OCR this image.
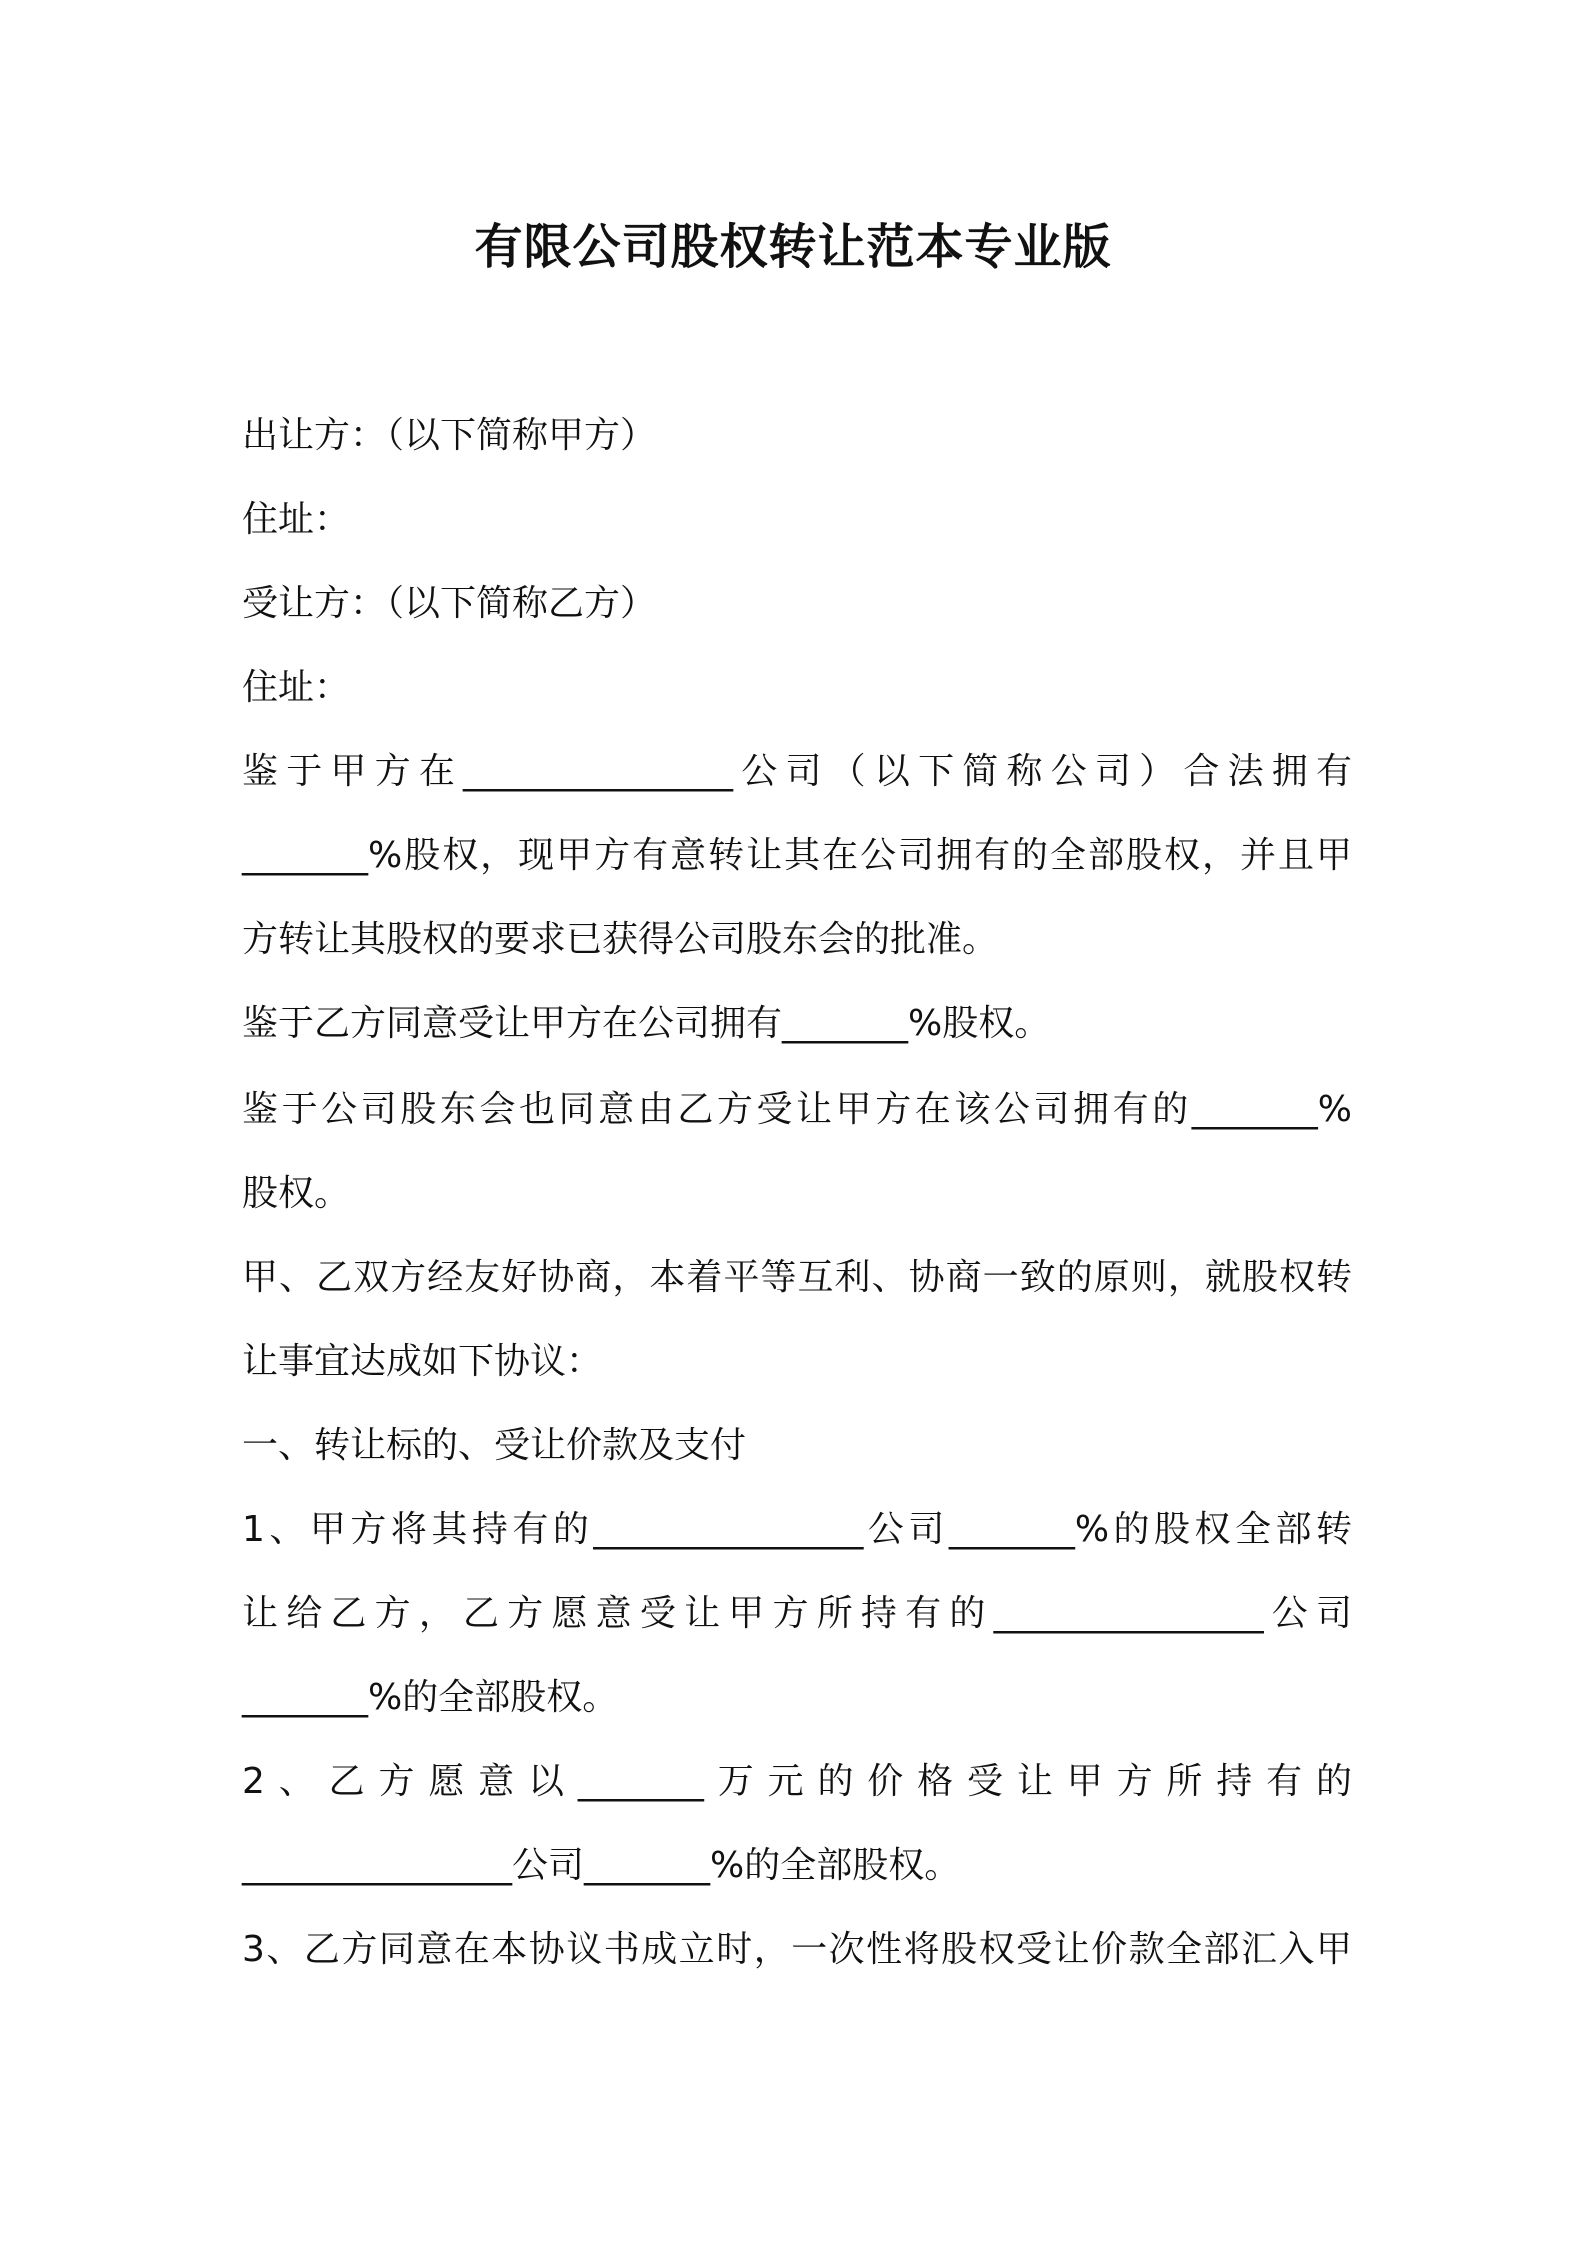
有限公司股权转让范本专业版

出让方：（以下简称甲方）

住址：

受让方：（以下简称乙方）

住址：

鉴于甲方在_______________公司（以下简称公司）合法拥有

_______%股权，现甲方有意转让其在公司拥有的全部股权，并且甲

方转让其股权的要求已获得公司股东会的批准。

鉴于乙方同意受让甲方在公司拥有_______%股权。

鉴于公司股东会也同意由乙方受让甲方在该公司拥有的_______%

股权。

甲、乙双方经友好协商，本着平等互利、协商一致的原则，就股权转

让事宜达成如下协议：

一、转让标的、受让价款及支付

1、甲方将其持有的_______________公司_______%的股权全部转

让给乙方，乙方愿意受让甲方所持有的_______________公司

_______%的全部股权。

2、乙方愿意以_______万元的价格受让甲方所持有的

_______________公司_______%的全部股权。

3、乙方同意在本协议书成立时，一次性将股权受让价款全部汇入甲
